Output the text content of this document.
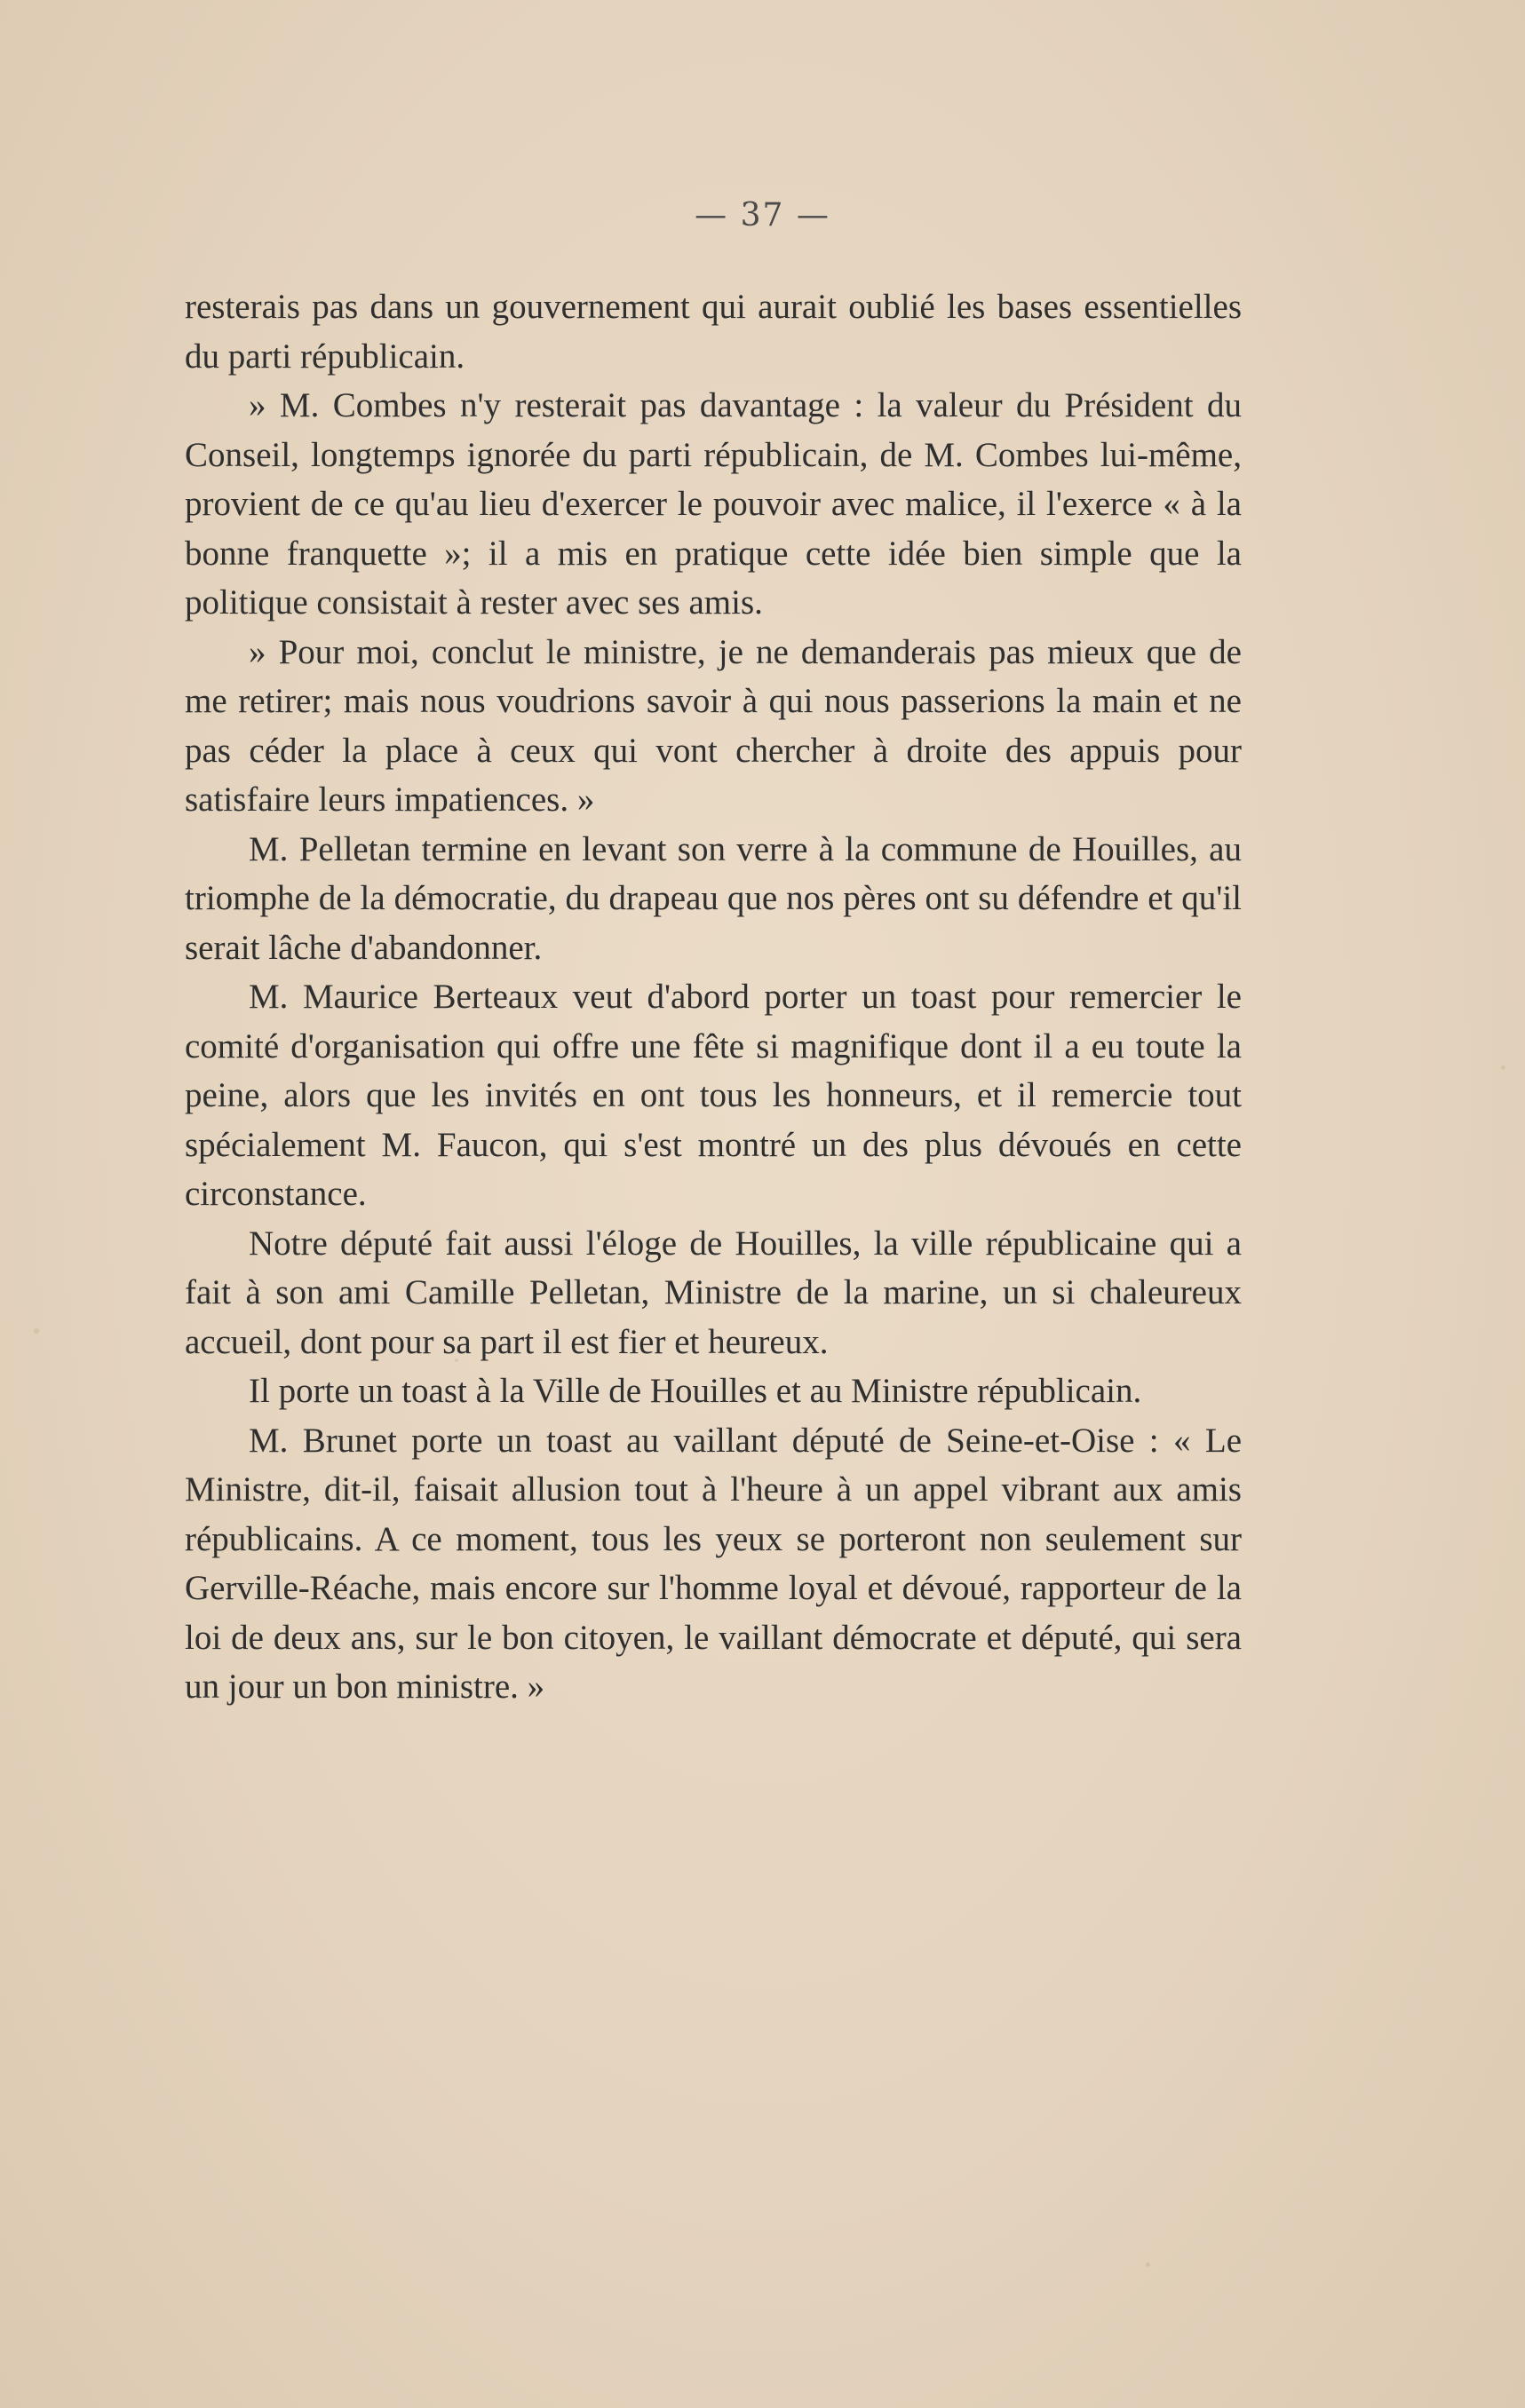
— 37 —

resterais pas dans un gouvernement qui aurait oublié les bases essentielles du parti républicain.

» M. Combes n'y resterait pas davantage : la valeur du Président du Conseil, longtemps ignorée du parti républicain, de M. Combes lui-même, provient de ce qu'au lieu d'exercer le pouvoir avec malice, il l'exerce « à la bonne franquette »; il a mis en pratique cette idée bien simple que la politique consistait à rester avec ses amis.

» Pour moi, conclut le ministre, je ne demanderais pas mieux que de me retirer; mais nous voudrions savoir à qui nous passerions la main et ne pas céder la place à ceux qui vont chercher à droite des appuis pour satisfaire leurs impatiences. »

M. Pelletan termine en levant son verre à la commune de Houilles, au triomphe de la démocratie, du drapeau que nos pères ont su défendre et qu'il serait lâche d'abandonner.

M. Maurice Berteaux veut d'abord porter un toast pour remercier le comité d'organisation qui offre une fête si magnifique dont il a eu toute la peine, alors que les invités en ont tous les honneurs, et il remercie tout spécialement M. Faucon, qui s'est montré un des plus dévoués en cette circonstance.

Notre député fait aussi l'éloge de Houilles, la ville républicaine qui a fait à son ami Camille Pelletan, Ministre de la marine, un si chaleureux accueil, dont pour sa part il est fier et heureux.

Il porte un toast à la Ville de Houilles et au Ministre républicain.

M. Brunet porte un toast au vaillant député de Seine-et-Oise : « Le Ministre, dit-il, faisait allusion tout à l'heure à un appel vibrant aux amis républicains. A ce moment, tous les yeux se porteront non seulement sur Gerville-Réache, mais encore sur l'homme loyal et dévoué, rapporteur de la loi de deux ans, sur le bon citoyen, le vaillant démocrate et député, qui sera un jour un bon ministre. »
